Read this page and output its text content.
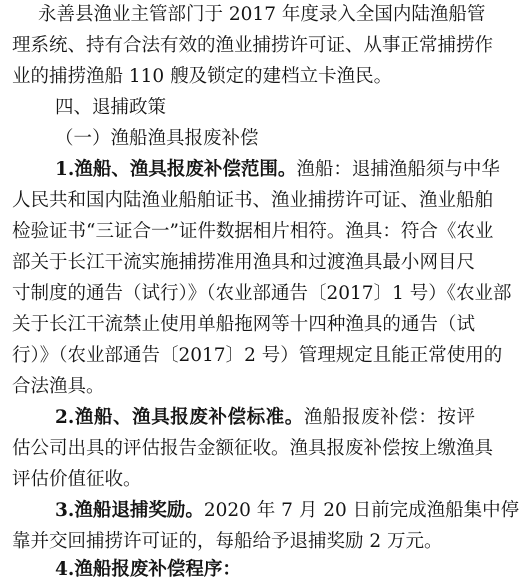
永善县渔业主管部门于 2017 年度录入全国内陆渔船管
理系统、持有合法有效的渔业捕捞许可证、从事正常捕捞作
业的捕捞渔船 110 艘及锁定的建档立卡渔民。
四、退捕政策
（一）渔船渔具报废补偿
1.渔船、渔具报废补偿范围。渔船：退捕渔船须与中华
人民共和国内陆渔业船舶证书、渔业捕捞许可证、渔业船舶
检验证书“三证合一”证件数据相片相符。渔具：符合《农业
部关于长江干流实施捕捞准用渔具和过渡渔具最小网目尺
寸制度的通告（试行）》（农业部通告〔2017〕1 号）《农业部
关于长江干流禁止使用单船拖网等十四种渔具的通告（试
行）》（农业部通告〔2017〕2 号）管理规定且能正常使用的
合法渔具。
2.渔船、渔具报废补偿标准。渔船报废补偿：按评
估公司出具的评估报告金额征收。渔具报废补偿按上缴渔具
评估价值征收。
3.渔船退捕奖励。2020 年 7 月 20 日前完成渔船集中停
靠并交回捕捞许可证的，每船给予退捕奖励 2 万元。
4.渔船报废补偿程序：
